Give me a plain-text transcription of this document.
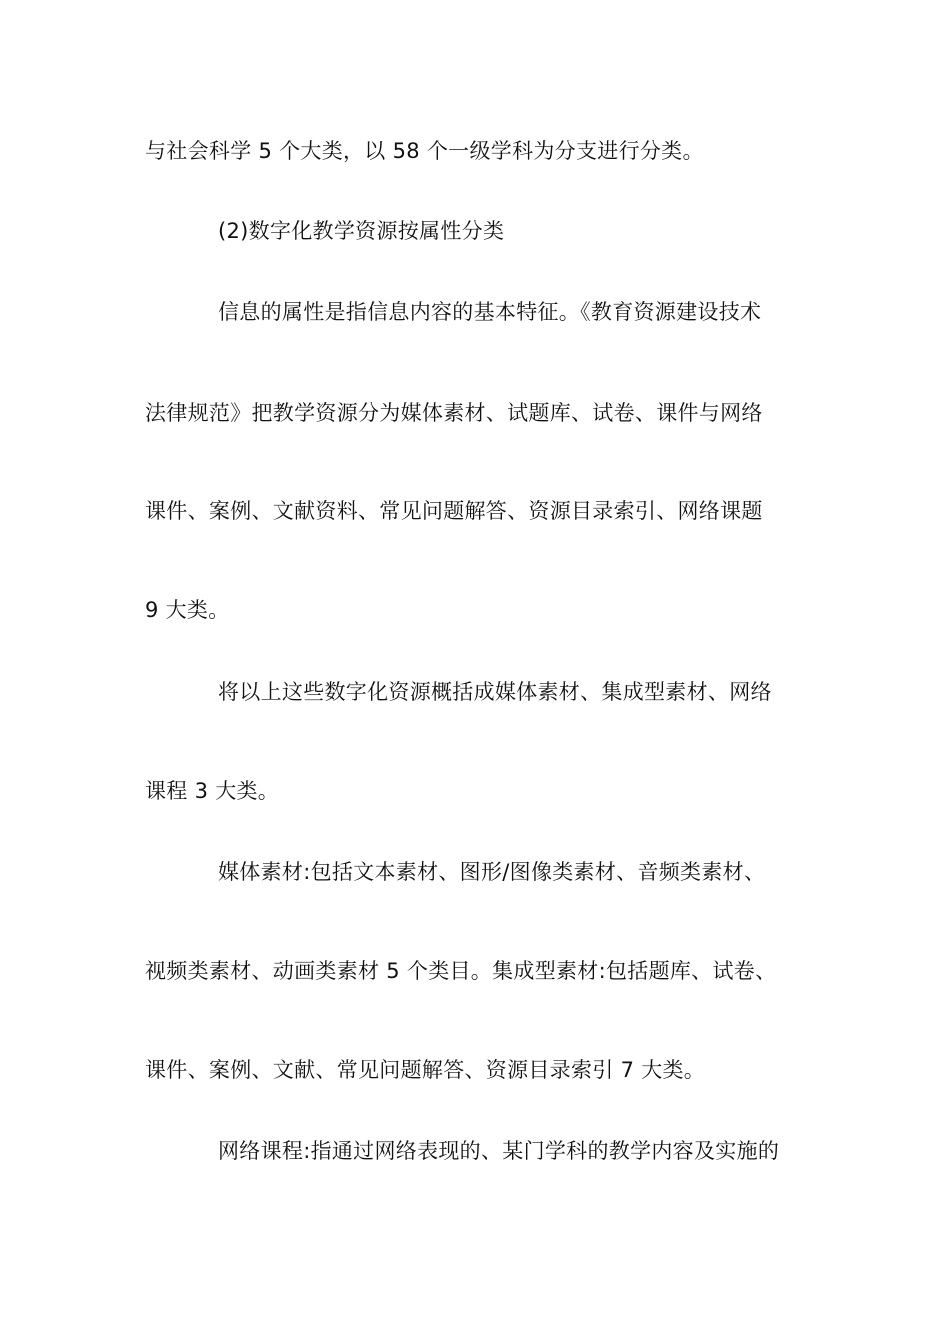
与社会科学 5 个大类，以 58 个一级学科为分支进行分类。
(2)数字化教学资源按属性分类
信息的属性是指信息内容的基本特征。《教育资源建设技术
法律规范》把教学资源分为媒体素材、试题库、试卷、课件与网络
课件、案例、文献资料、常见问题解答、资源目录索引、网络课题
9 大类。
将以上这些数字化资源概括成媒体素材、集成型素材、网络
课程 3 大类。
媒体素材:包括文本素材、图形/图像类素材、音频类素材、
视频类素材、动画类素材 5 个类目。集成型素材:包括题库、试卷、
课件、案例、文献、常见问题解答、资源目录索引 7 大类。
网络课程:指通过网络表现的、某门学科的教学内容及实施的
